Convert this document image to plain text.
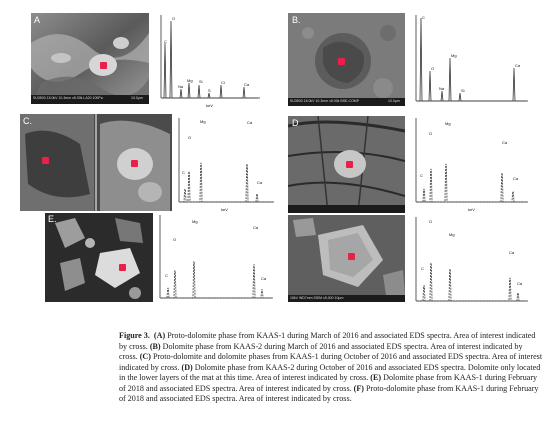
A
SU3500 15.0kV 10.3mm x5.00k LA20 100Pa	10.0µm
C
O
Na
Mg Si
S
Cl	Ca
keV
B.
SU3500 15.0kV 10.3mm x5.00k BSE-COMP	10.0µm
C
O
Mg
Na	Si
Ca
C.
C
O
Mg	Ca
Ca
keV
D
C
O
Mg
Ca
Ca
keV
E.
C
O
Mg
Ca
Ca
15kV WD7mm SSIM x5,000 10µm
C
O
Mg
Ca
Ca
Figure 3. (A) Proto-dolomite phase from KAAS-1 during March of 2016 and associated EDS spectra. Area of interest indicated by cross. (B) Dolomite phase from KAAS-2 during March of 2016 and associated EDS spectra. Area of interest indicated by cross. (C) Proto-dolomite and dolomite phases from KAAS-1 during October of 2016 and associated EDS spectra. Area of interest indicated by cross. (D) Dolomite phase from KAAS-2 during October of 2016 and associated EDS spectra. Dolomite only located in the lower layers of the mat at this time. Area of interest indicated by cross. (E) Dolomite phase from KAAS-1 during February of 2018 and associated EDS spectra. Area of interest indicated by cross. (F) Proto-dolomite phase from KAAS-1 during February of 2018 and associated EDS spectra. Area of interest indicated by cross.
